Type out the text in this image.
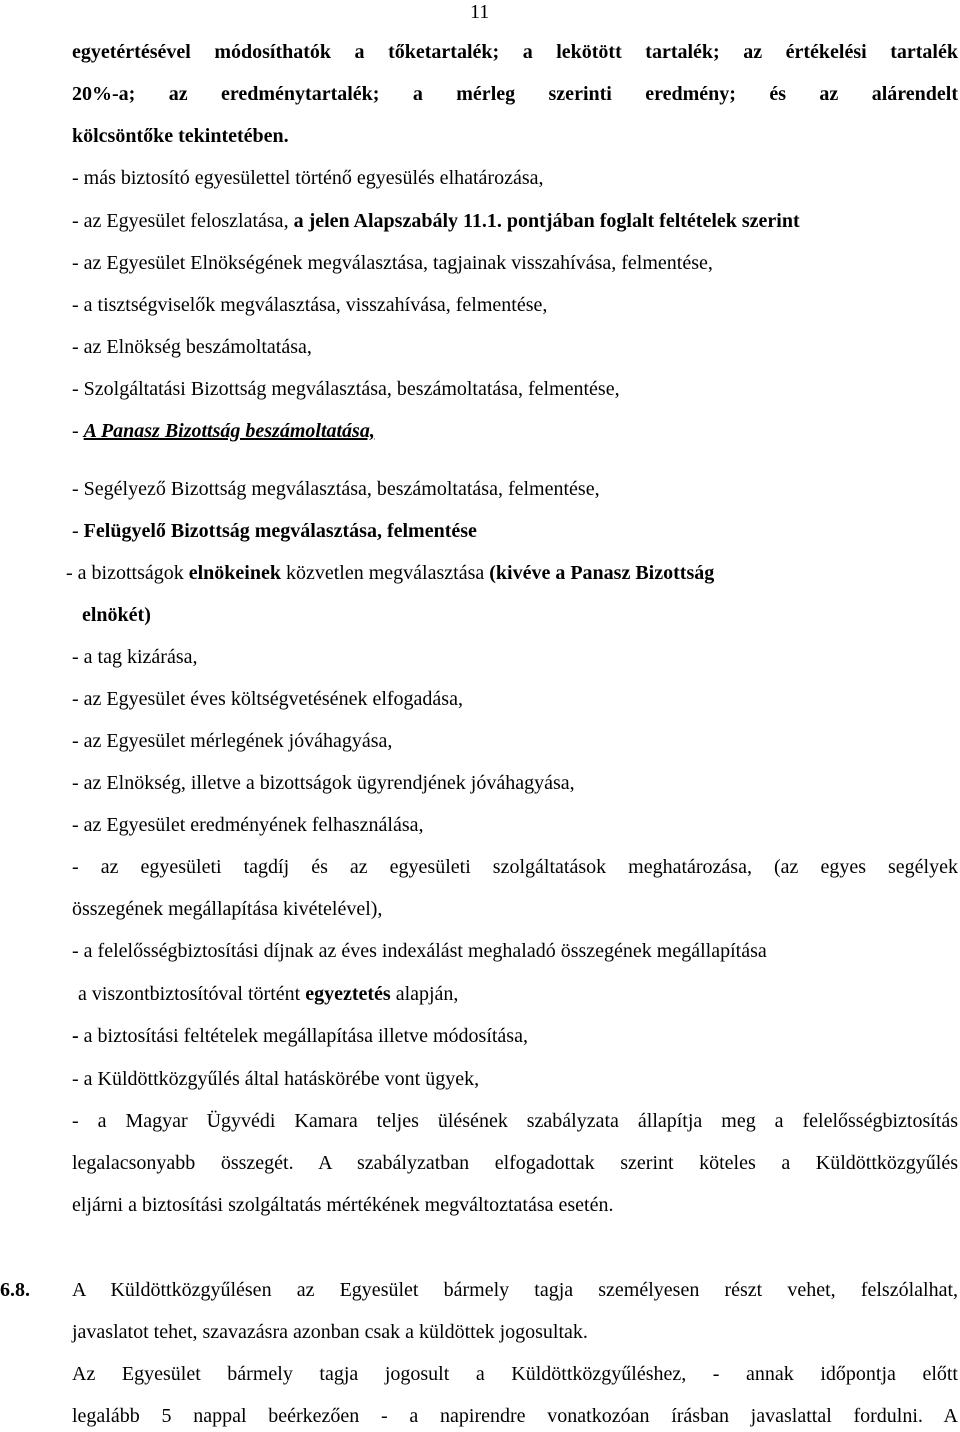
11
egyetértésével módosíthatók a tőketartalék; a lekötött tartalék; az értékelési tartalék
20%-a; az eredménytartalék; a mérleg szerinti eredmény; és az alárendelt
kölcsöntőke tekintetében.
- más biztosító egyesülettel történő egyesülés elhatározása,
- az Egyesület feloszlatása, a jelen Alapszabály 11.1. pontjában foglalt feltételek szerint
- az Egyesület Elnökségének megválasztása, tagjainak visszahívása, felmentése,
- a tisztségviselők megválasztása, visszahívása, felmentése,
- az Elnökség beszámoltatása,
- Szolgáltatási Bizottság megválasztása, beszámoltatása, felmentése,
- A Panasz Bizottság beszámoltatása,
- Segélyező Bizottság megválasztása, beszámoltatása, felmentése,
- Felügyelő Bizottság megválasztása, felmentése
- a bizottságok elnökeinek közvetlen megválasztása (kivéve a Panasz Bizottság
elnökét)
- a tag kizárása,
- az Egyesület éves költségvetésének elfogadása,
- az Egyesület mérlegének jóváhagyása,
- az Elnökség, illetve a bizottságok ügyrendjének jóváhagyása,
- az Egyesület eredményének felhasználása,
- az egyesületi tagdíj és az egyesületi szolgáltatások meghatározása, (az egyes segélyek
összegének megállapítása kivételével),
- a felelősségbiztosítási díjnak az éves indexálást meghaladó összegének megállapítása
a viszontbiztosítóval történt egyeztetés alapján,
- a biztosítási feltételek megállapítása illetve módosítása,
- a Küldöttközgyűlés által hatáskörébe vont ügyek,
- a Magyar Ügyvédi Kamara teljes ülésének szabályzata állapítja meg a felelősségbiztosítás
legalacsonyabb összegét. A szabályzatban elfogadottak szerint köteles a Küldöttközgyűlés
eljárni a biztosítási szolgáltatás mértékének megváltoztatása esetén.
6.8. A Küldöttközgyűlésen az Egyesület bármely tagja személyesen részt vehet, felszólalhat,
javaslatot tehet, szavazásra azonban csak a küldöttek jogosultak.
Az Egyesület bármely tagja jogosult a Küldöttközgyűléshez, - annak időpontja előtt
legalább 5 nappal beérkezően - a napirendre vonatkozóan írásban javaslattal fordulni. A
